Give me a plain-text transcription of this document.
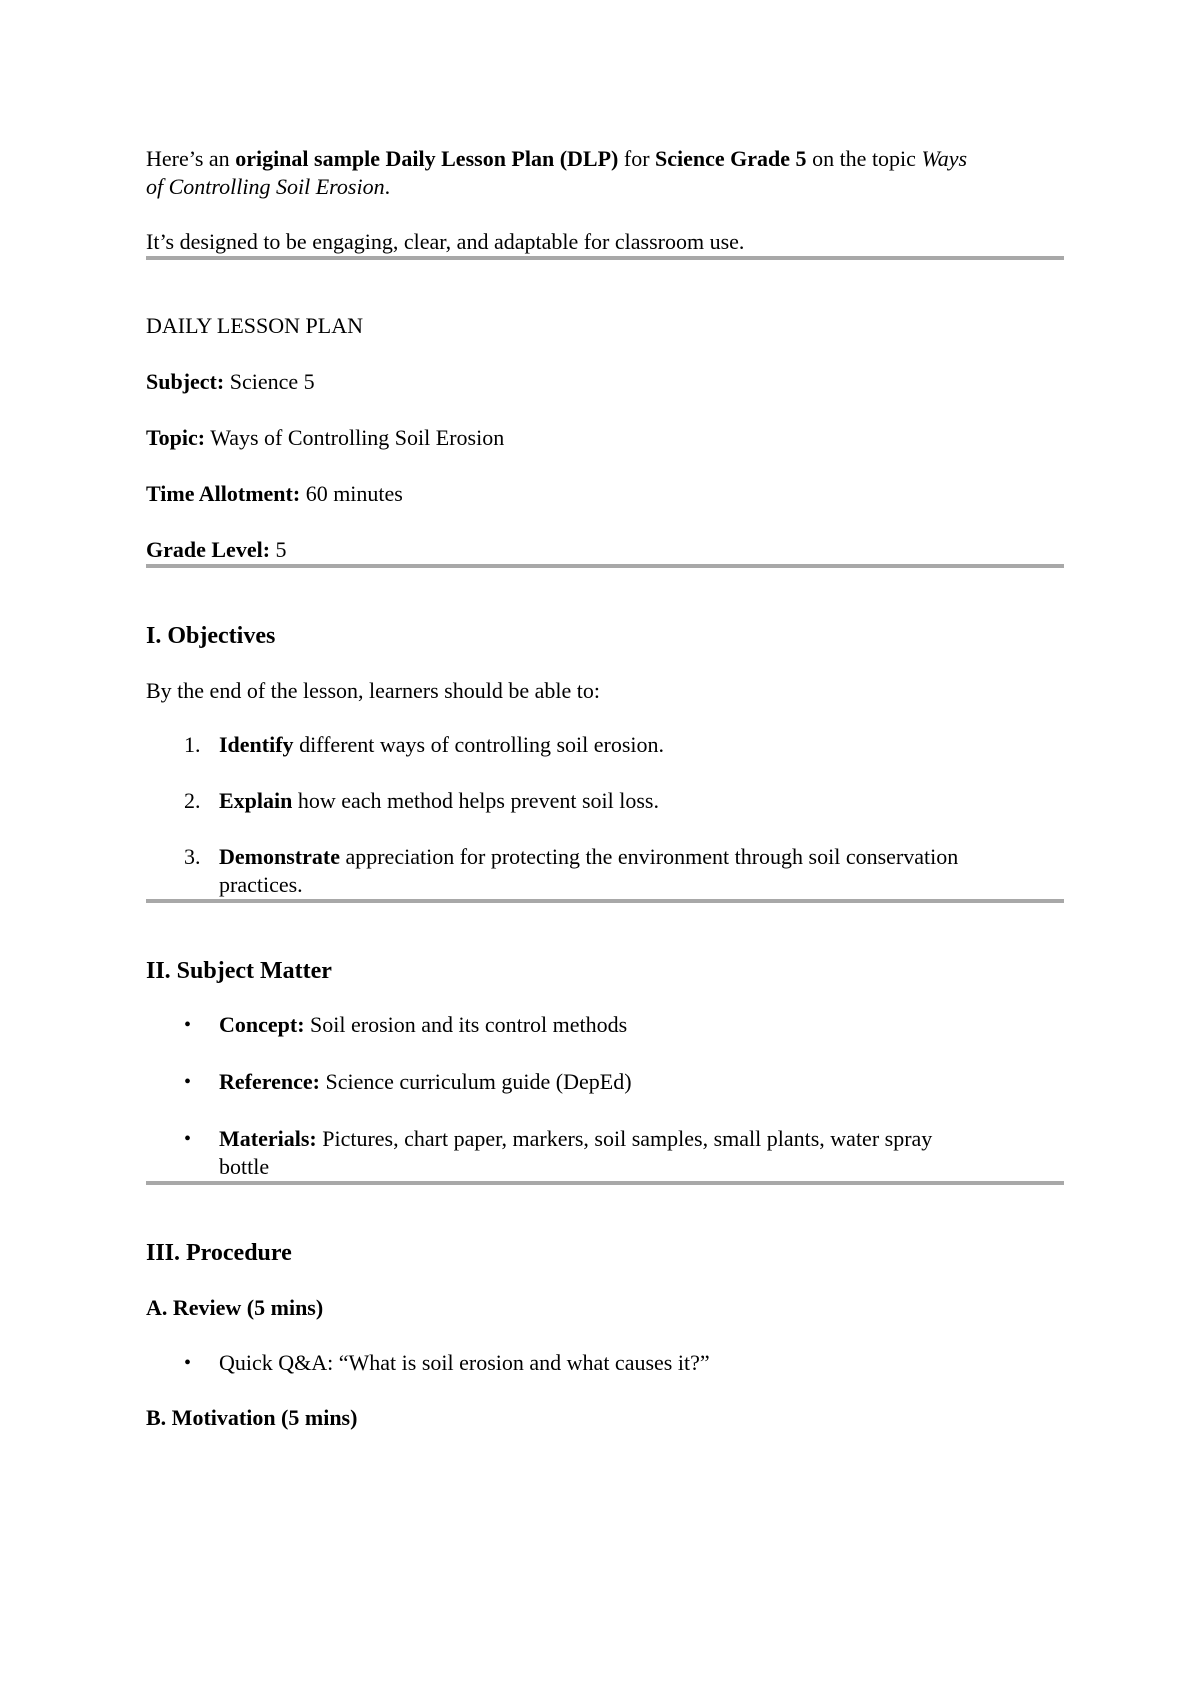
Here’s an original sample Daily Lesson Plan (DLP) for Science Grade 5 on the topic Ways
of Controlling Soil Erosion.

It’s designed to be engaging, clear, and adaptable for classroom use.

DAILY LESSON PLAN

Subject: Science 5

Topic: Ways of Controlling Soil Erosion

Time Allotment: 60 minutes

Grade Level: 5

I. Objectives

By the end of the lesson, learners should be able to:

1. Identify different ways of controlling soil erosion.
2. Explain how each method helps prevent soil loss.
3. Demonstrate appreciation for protecting the environment through soil conservation
practices.
II. Subject Matter
• Concept: Soil erosion and its control methods
• Reference: Science curriculum guide (DepEd)
• Materials: Pictures, chart paper, markers, soil samples, small plants, water spray
bottle
III. Procedure
A. Review (5 mins)
• Quick Q&A: “What is soil erosion and what causes it?”
B. Motivation (5 mins)
